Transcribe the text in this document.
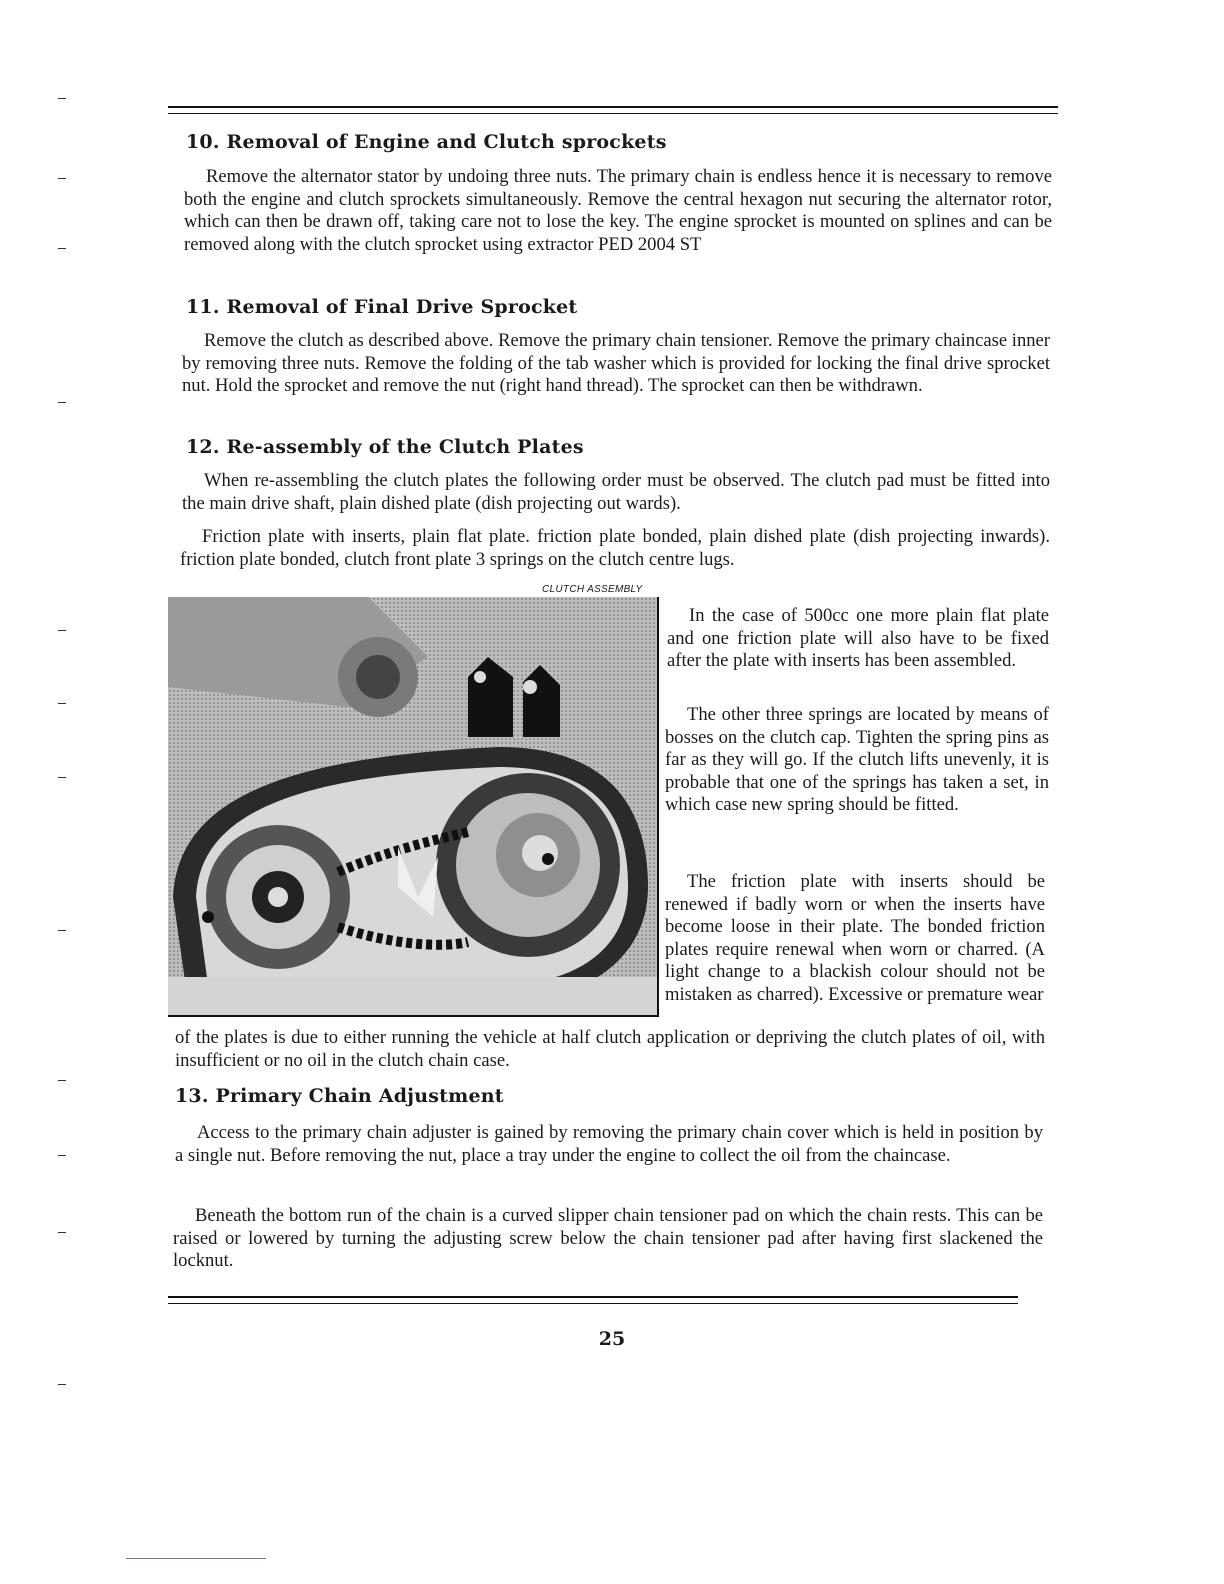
10. Removal of Engine and Clutch sprockets

Remove the alternator stator by undoing three nuts. The primary chain is endless hence it is necessary to remove both the engine and clutch sprockets simultaneously. Remove the central hexagon nut securing the alternator rotor, which can then be drawn off, taking care not to lose the key. The engine sprocket is mounted on splines and can be removed along with the clutch sprocket using extractor PED 2004 ST

11. Removal of Final Drive Sprocket

Remove the clutch as described above. Remove the primary chain tensioner. Remove the primary chaincase inner by removing three nuts. Remove the folding of the tab washer which is provided for locking the final drive sprocket nut. Hold the sprocket and remove the nut (right hand thread). The sprocket can then be withdrawn.

12. Re-assembly of the Clutch Plates

When re-assembling the clutch plates the following order must be observed. The clutch pad must be fitted into the main drive shaft, plain dished plate (dish projecting out wards).

Friction plate with inserts, plain flat plate. friction plate bonded, plain dished plate (dish projecting inwards). friction plate bonded, clutch front plate 3 springs on the clutch centre lugs.

CLUTCH ASSEMBLY

In the case of 500cc one more plain flat plate and one friction plate will also have to be fixed after the plate with inserts has been assembled.

The other three springs are located by means of bosses on the clutch cap. Tighten the spring pins as far as they will go. If the clutch lifts unevenly, it is probable that one of the springs has taken a set, in which case new spring should be fitted.

The friction plate with inserts should be renewed if badly worn or when the inserts have become loose in their plate. The bonded friction plates require renewal when worn or charred. (A light change to a blackish colour should not be mistaken as charred). Excessive or premature wear

of the plates is due to either running the vehicle at half clutch application or depriving the clutch plates of oil, with insufficient or no oil in the clutch chain case.

13. Primary Chain Adjustment

Access to the primary chain adjuster is gained by removing the primary chain cover which is held in position by a single nut. Before removing the nut, place a tray under the engine to collect the oil from the chaincase.

Beneath the bottom run of the chain is a curved slipper chain tensioner pad on which the chain rests. This can be raised or lowered by turning the adjusting screw below the chain tensioner pad after having first slackened the locknut.

25
